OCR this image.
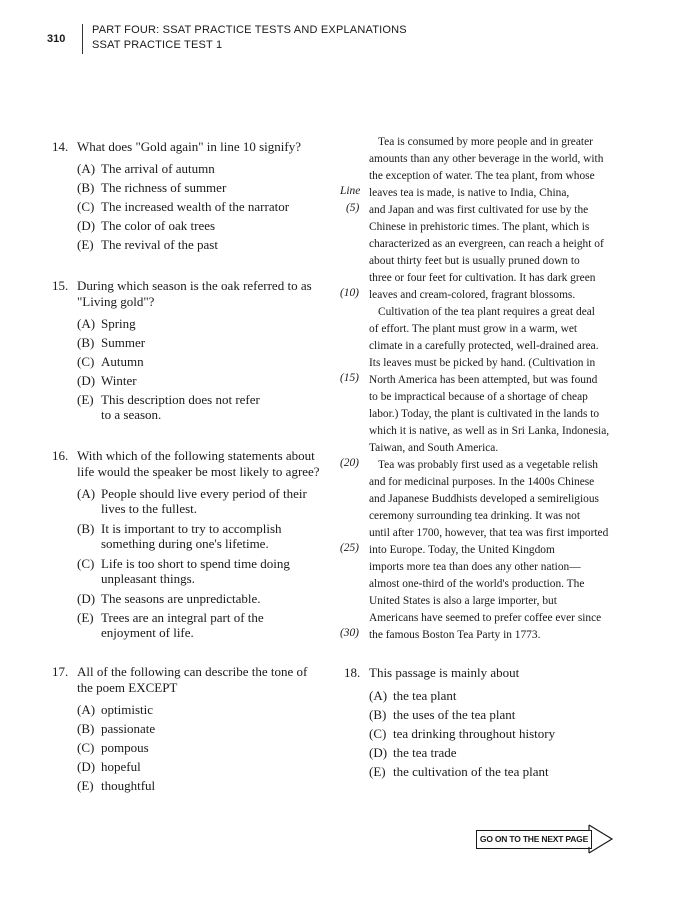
310
PART FOUR: SSAT PRACTICE TESTS AND EXPLANATIONS
SSAT PRACTICE TEST 1
14. What does "Gold again" in line 10 signify?
(A) The arrival of autumn
(B) The richness of summer
(C) The increased wealth of the narrator
(D) The color of oak trees
(E) The revival of the past
15. During which season is the oak referred to as
"Living gold"?
(A) Spring
(B) Summer
(C) Autumn
(D) Winter
(E) This description does not refer
to a season.
16. With which of the following statements about
life would the speaker be most likely to agree?
(A) People should live every period of their
lives to the fullest.
(B) It is important to try to accomplish
something during one's lifetime.
(C) Life is too short to spend time doing
unpleasant things.
(D) The seasons are unpredictable.
(E) Trees are an integral part of the
enjoyment of life.
17. All of the following can describe the tone of
the poem EXCEPT
(A) optimistic
(B) passionate
(C) pompous
(D) hopeful
(E) thoughtful
Tea is consumed by more people and in greater
amounts than any other beverage in the world, with
the exception of water. The tea plant, from whose
leaves tea is made, is native to India, China,
and Japan and was first cultivated for use by the
Chinese in prehistoric times. The plant, which is
characterized as an evergreen, can reach a height of
about thirty feet but is usually pruned down to
three or four feet for cultivation. It has dark green
leaves and cream-colored, fragrant blossoms.
Cultivation of the tea plant requires a great deal
of effort. The plant must grow in a warm, wet
climate in a carefully protected, well-drained area.
Its leaves must be picked by hand. (Cultivation in
North America has been attempted, but was found
to be impractical because of a shortage of cheap
labor.) Today, the plant is cultivated in the lands to
which it is native, as well as in Sri Lanka, Indonesia,
Taiwan, and South America.
Tea was probably first used as a vegetable relish
and for medicinal purposes. In the 1400s Chinese
and Japanese Buddhists developed a semireligious
ceremony surrounding tea drinking. It was not
until after 1700, however, that tea was first imported
into Europe. Today, the United Kingdom
imports more tea than does any other nation—
almost one-third of the world's production. The
United States is also a large importer, but
Americans have seemed to prefer coffee ever since
the famous Boston Tea Party in 1773.
Line
(5)
(10)
(15)
(20)
(25)
(30)
18. This passage is mainly about
(A) the tea plant
(B) the uses of the tea plant
(C) tea drinking throughout history
(D) the tea trade
(E) the cultivation of the tea plant
GO ON TO THE NEXT PAGE
